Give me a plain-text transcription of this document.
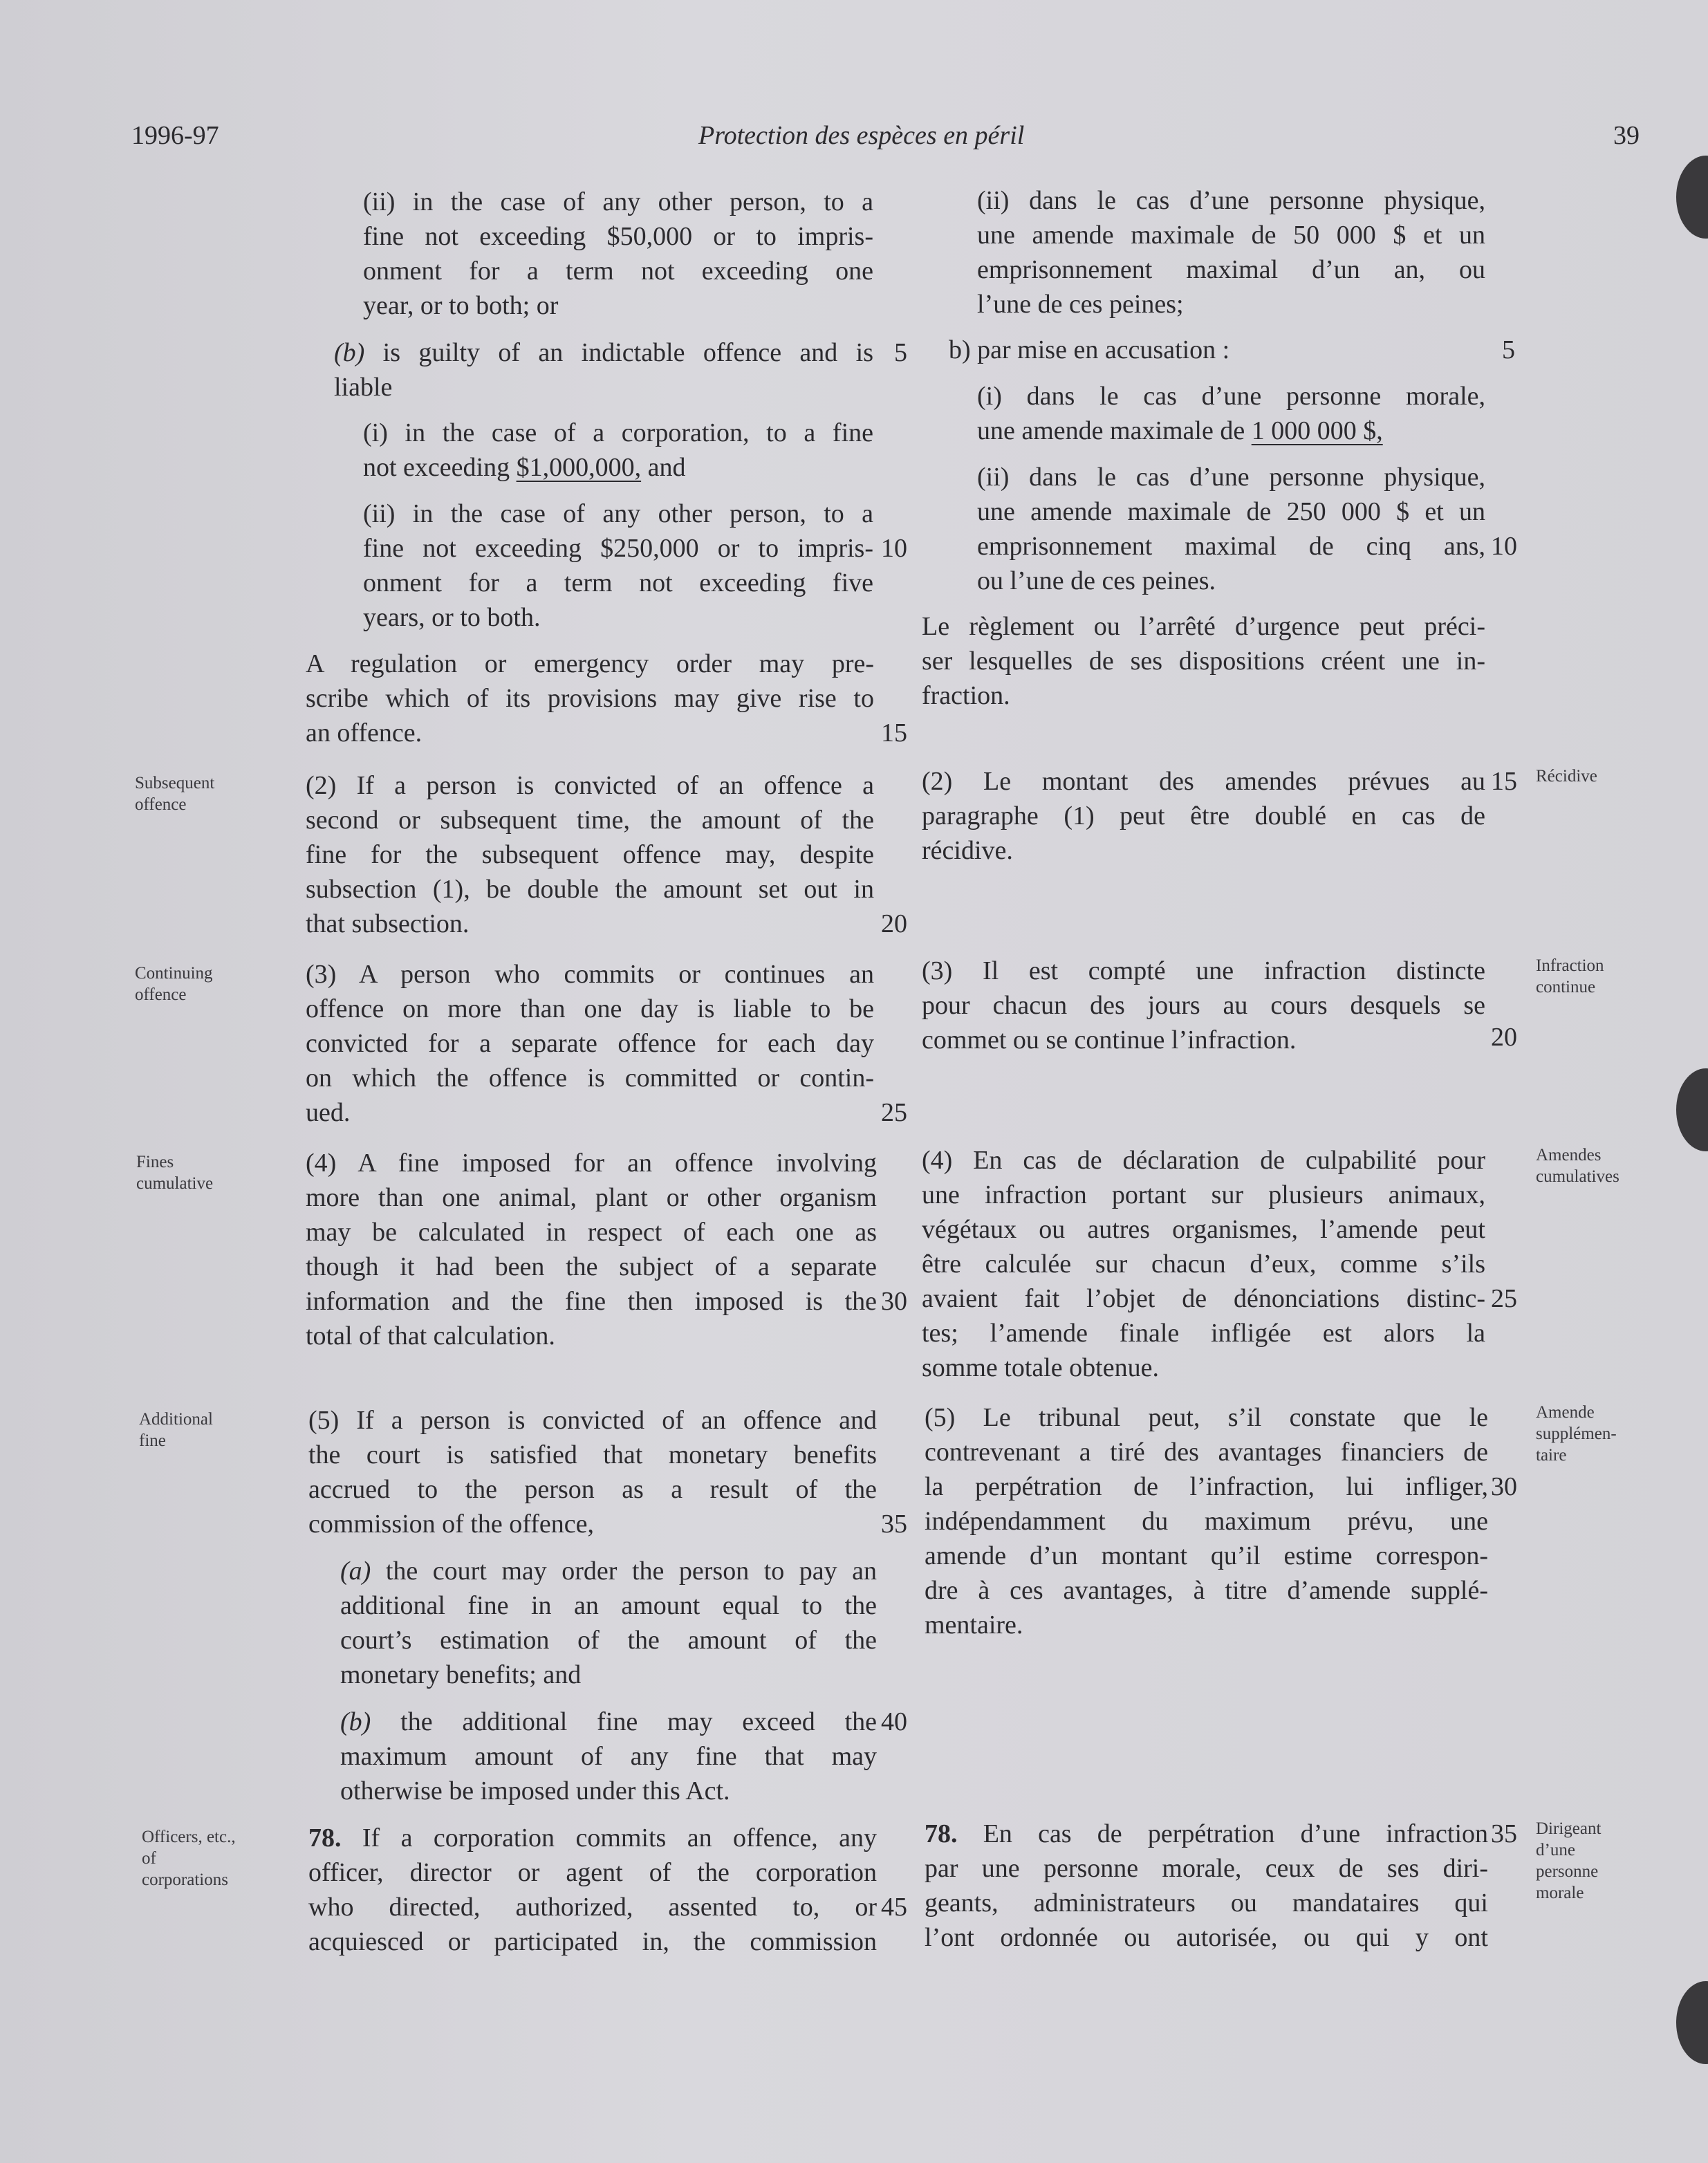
1996-97	Protection des espèces en péril	39
(ii) in the case of any other person, to a
fine not exceeding $50,000 or to impris-
onment for a term not exceeding one
year, or to both; or
(b) is guilty of an indictable offence and is
liable
(i) in the case of a corporation, to a fine
not exceeding $1,000,000, and
(ii) in the case of any other person, to a
fine not exceeding $250,000 or to impris-
onment for a term not exceeding five
years, or to both.
A regulation or emergency order may pre-
scribe which of its provisions may give rise to
an offence.
(2) If a person is convicted of an offence a
second or subsequent time, the amount of the
fine for the subsequent offence may, despite
subsection (1), be double the amount set out in
that subsection.
(3) A person who commits or continues an
offence on more than one day is liable to be
convicted for a separate offence for each day
on which the offence is committed or contin-
ued.
(4) A fine imposed for an offence involving
more than one animal, plant or other organism
may be calculated in respect of each one as
though it had been the subject of a separate
information and the fine then imposed is the
total of that calculation.
(5) If a person is convicted of an offence and
the court is satisfied that monetary benefits
accrued to the person as a result of the
commission of the offence,
(a) the court may order the person to pay an
additional fine in an amount equal to the
court’s estimation of the amount of the
monetary benefits; and
(b) the additional fine may exceed the
maximum amount of any fine that may
otherwise be imposed under this Act.
78. If a corporation commits an offence, any
officer, director or agent of the corporation
who directed, authorized, assented to, or
acquiesced or participated in, the commission
5
10
15
20
25
30
35
40
45
(ii) dans le cas d’une personne physique,
une amende maximale de 50 000 $ et un
emprisonnement maximal d’un an, ou
l’une de ces peines;
b) par mise en accusation :
(i) dans le cas d’une personne morale,
une amende maximale de 1 000 000 $,
(ii) dans le cas d’une personne physique,
une amende maximale de 250 000 $ et un
emprisonnement maximal de cinq ans,
ou l’une de ces peines.
Le règlement ou l’arrêté d’urgence peut préci-
ser lesquelles de ses dispositions créent une in-
fraction.
(2) Le montant des amendes prévues au
paragraphe (1) peut être doublé en cas de
récidive.
(3) Il est compté une infraction distincte
pour chacun des jours au cours desquels se
commet ou se continue l’infraction.
(4) En cas de déclaration de culpabilité pour
une infraction portant sur plusieurs animaux,
végétaux ou autres organismes, l’amende peut
être calculée sur chacun d’eux, comme s’ils
avaient fait l’objet de dénonciations distinc-
tes; l’amende finale infligée est alors la
somme totale obtenue.
(5) Le tribunal peut, s’il constate que le
contrevenant a tiré des avantages financiers de
la perpétration de l’infraction, lui infliger,
indépendamment du maximum prévu, une
amende d’un montant qu’il estime correspon-
dre à ces avantages, à titre d’amende supplé-
mentaire.
78. En cas de perpétration d’une infraction
par une personne morale, ceux de ses diri-
geants, administrateurs ou mandataires qui
l’ont ordonnée ou autorisée, ou qui y ont
5
10
15
20
25
30
35
Subsequent
offence
Continuing
offence
Fines
cumulative
Additional
fine
Officers, etc.,
of
corporations
Récidive
Infraction
continue
Amendes
cumulatives
Amende
supplémen-
taire
Dirigeant
d’une
personne
morale
